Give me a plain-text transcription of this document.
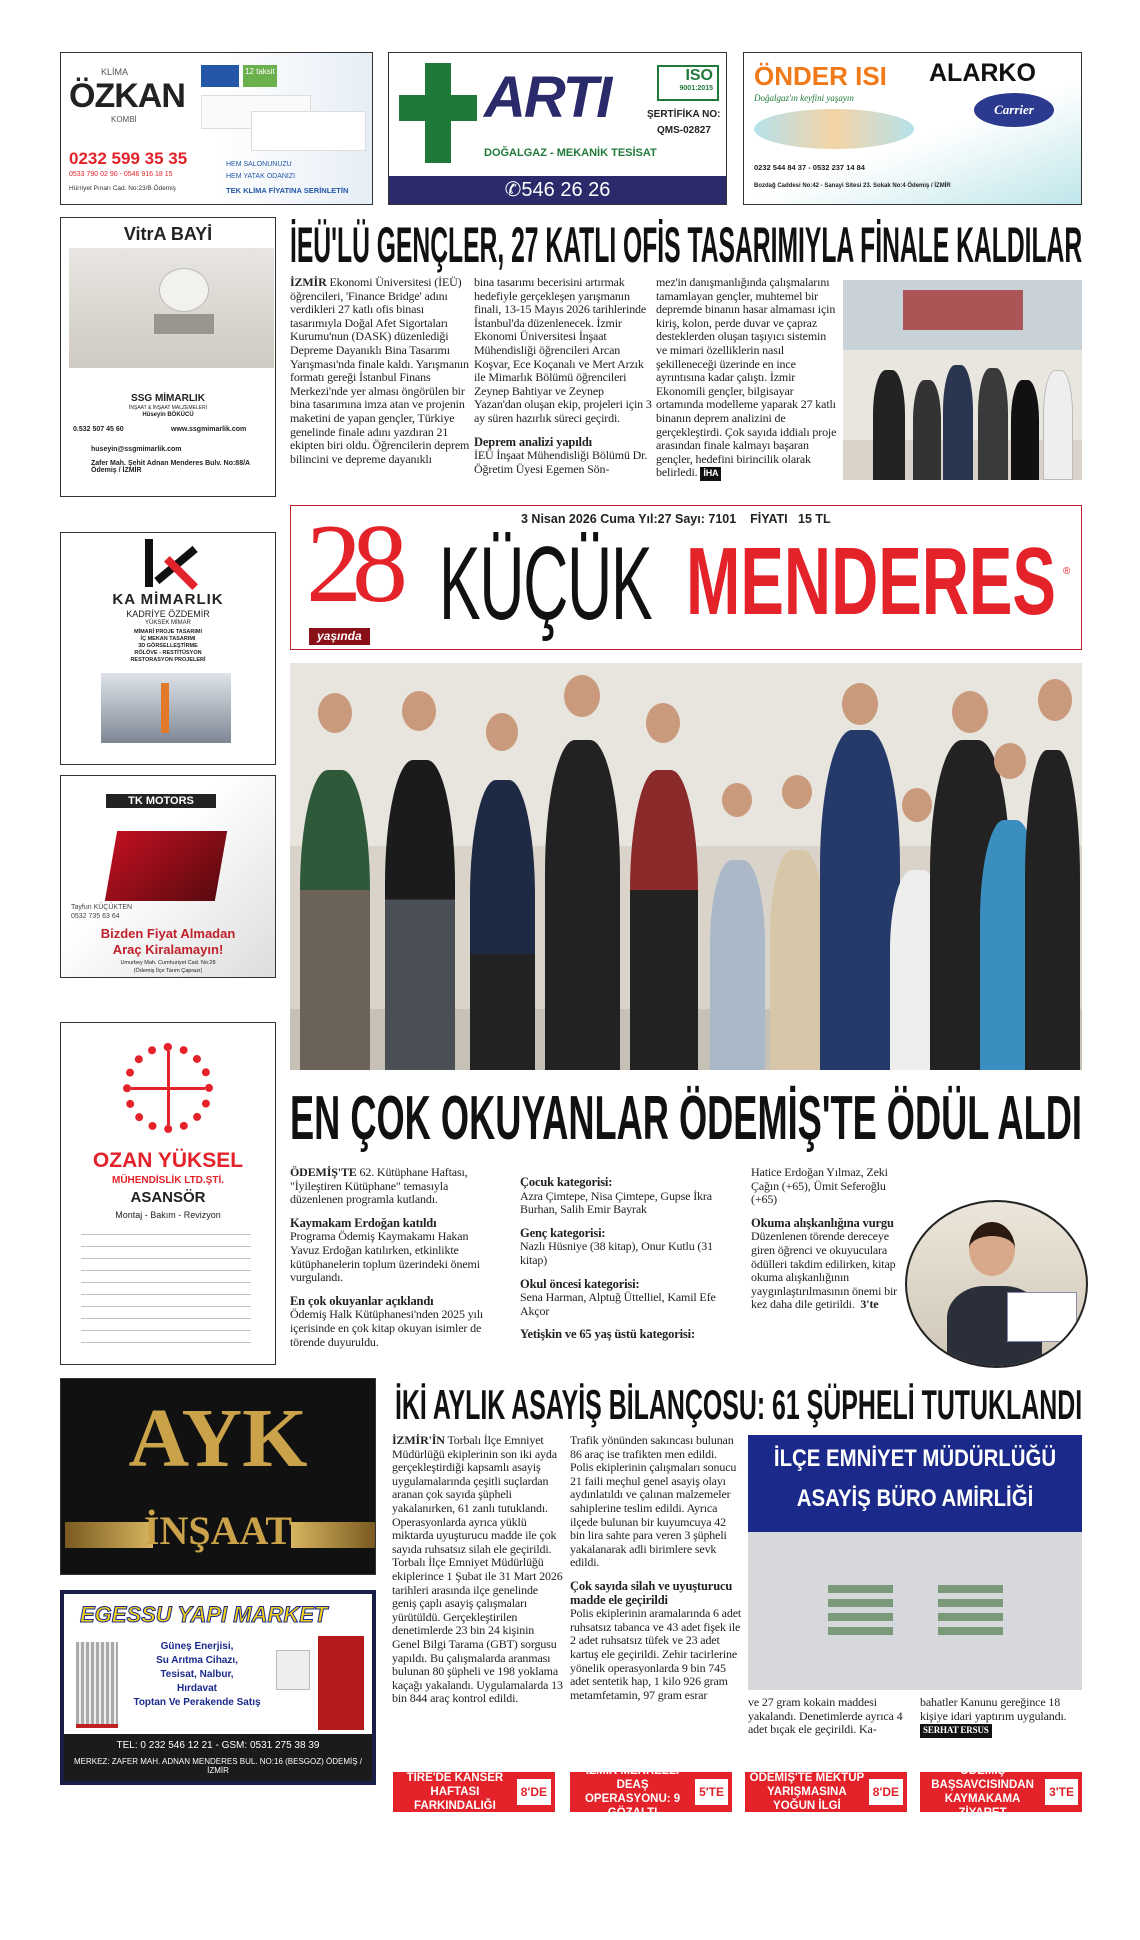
KLİMA
ÖZKAN
KOMBİ
12 taksit
0232 599 35 35
0533 790 02 90 - 0546 916 18 15
Hürriyet Pınarı Cad. No:23/B Ödemiş
HEM SALONUNUZU
HEM YATAK ODANIZI
TEK KLİMA FİYATINA SERİNLETİN
ARTI
DOĞALGAZ - MEKANİK TESİSAT
ISO
9001:2015
ŞERTİFİKA NO:
QMS-02827
✆546 26 26
ÖNDER ISI
Doğalgaz'ın keyfini yaşayın
ALARKO
Carrier
0232 544 84 37 - 0532 237 14 84
Bozdağ Caddesi No:42 - Sanayi Sitesi 23. Sokak No:4 Ödemiş / İZMİR
VitrA BAYİ
SSG MİMARLIK
İNŞAAT & İNŞAAT MALZEMELERİ
Hüseyin BÖKÜCÜ
0.532 507 45 60	www.ssgmimarlik.com
huseyin@ssgmimarlik.com
Zafer Mah. Şehit Adnan Menderes Bulv. No:88/A Ödemiş / İZMİR
KA MİMARLIK
KADRİYE ÖZDEMİR
YÜKSEK MİMAR
MİMARİ PROJE TASARIMI
İÇ MEKAN TASARIMI
3D GÖRSELLEŞTİRME
RÖLÖVE - RESTİTÜSYON
RESTORASYON PROJELERİ
TK MOTORS
Tayfun KÜÇÜKTEN
0532 735 63 64
Bizden Fiyat Almadan
Araç Kiralamayın!
Umurbey Mah. Cumhuriyet Cad. No:28
(Ödemiş İlçe Tarım Çaprazı)
OZAN YÜKSEL
MÜHENDİSLİK LTD.ŞTİ.
ASANSÖR
Montaj - Bakım - Revizyon
İEÜ'LÜ GENÇLER, 27 KATLI OFİS TASARIMIYLA FİNALE KALDILAR
İZMİR Ekonomi Üniversitesi (İEÜ) öğrencileri, 'Finance Bridge' adını verdikleri 27 katlı ofis binası tasarımıyla Doğal Afet Sigortaları Kurumu'nun (DASK) düzenlediği Depreme Dayanıklı Bina Tasarımı Yarışması'nda finale kaldı. Yarışmanın formatı gereği İstanbul Finans Merkezi'nde yer alması öngörülen bir bina tasarımına imza atan ve projenin maketini de yapan gençler, Türkiye genelinde finale adını yazdıran 21 ekipten biri oldu. Öğrencilerin deprem bilincini ve depreme dayanıklı
bina tasarımı becerisini artırmak hedefiyle gerçekleşen yarışmanın finali, 13-15 Mayıs 2026 tarihlerinde İstanbul'da düzenlenecek. İzmir Ekonomi Üniversitesi İnşaat Mühendisliği öğrencileri Arcan Koşvar, Ece Koçanalı ve Mert Arzık ile Mimarlık Bölümü öğrencileri Zeynep Bahtiyar ve Zeynep Yazan'dan oluşan ekip, projeleri için 3 ay süren hazırlık süreci geçirdi.
Deprem analizi yapıldı
İEÜ İnşaat Mühendisliği Bölümü Dr. Öğretim Üyesi Egemen Sön-
mez'in danışmanlığında çalışmalarını tamamlayan gençler, muhtemel bir depremde binanın hasar almaması için kiriş, kolon, perde duvar ve çapraz desteklerden oluşan taşıyıcı sistemin ve mimari özelliklerin nasıl şekilleneceği üzerinde en ince ayrıntısına kadar çalıştı. İzmir Ekonomili gençler, bilgisayar ortamında modelleme yaparak 27 katlı binanın deprem analizini de gerçekleştirdi. Çok sayıda iddialı proje arasından finale kalmayı başaran gençler, hedefini birincilik olarak belirledi. İHA
3 Nisan 2026 Cuma Yıl:27 Sayı: 7101 FİYATI 15 TL
28
yaşında KÜÇÜK MENDERES ®
EN ÇOK OKUYANLAR ÖDEMİŞ'TE ÖDÜL ALDI
ÖDEMİŞ'TE 62. Kütüphane Haftası, "İyileştiren Kütüphane" temasıyla düzenlenen programla kutlandı.
Kaymakam Erdoğan katıldı
Programa Ödemiş Kaymakamı Hakan Yavuz Erdoğan katılırken, etkinlikte kütüphanelerin toplum üzerindeki önemi vurgulandı.
En çok okuyanlar açıklandı
Ödemiş Halk Kütüphanesi'nden 2025 yılı içerisinde en çok kitap okuyan isimler de törende duyuruldu.
Çocuk kategorisi:
Azra Çimtepe, Nisa Çimtepe, Gupse İkra Burhan, Salih Emir Bayrak
Genç kategorisi:
Nazlı Hüsniye (38 kitap), Onur Kutlu (31 kitap)
Okul öncesi kategorisi:
Sena Harman, Alptuğ Üttelliel, Kamil Efe Akçor
Yetişkin ve 65 yaş üstü kategorisi:
Hatice Erdoğan Yılmaz, Zeki Çağın (+65), Ümit Seferoğlu (+65)
Okuma alışkanlığına vurgu
Düzenlenen törende dereceye giren öğrenci ve okuyuculara ödülleri takdim edilirken, kitap okuma alışkanlığının yaygınlaştırılmasının önemi bir kez daha dile getirildi. 3'te
AYK
İNŞAAT
EGESSU YAPI MARKET
Güneş Enerjisi,
Su Arıtma Cihazı,
Tesisat, Nalbur,
Hırdavat
Toptan Ve Perakende Satış
TEL: 0 232 546 12 21 - GSM: 0531 275 38 39
MERKEZ: ZAFER MAH. ADNAN MENDERES BUL. NO:16 (BESGOZ) ÖDEMİŞ /İZMİR
İKİ AYLIK ASAYİŞ BİLANÇOSU: 61 ŞÜPHELİ TUTUKLANDI
İZMİR'İN Torbalı İlçe Emniyet Müdürlüğü ekiplerinin son iki ayda gerçekleştirdiği kapsamlı asayiş uygulamalarında çeşitli suçlardan aranan çok sayıda şüpheli yakalanırken, 61 zanlı tutuklandı. Operasyonlarda ayrıca yüklü miktarda uyuşturucu madde ile çok sayıda ruhsatsız silah ele geçirildi. Torbalı İlçe Emniyet Müdürlüğü ekiplerince 1 Şubat ile 31 Mart 2026 tarihleri arasında ilçe genelinde geniş çaplı asayiş çalışmaları yürütüldü. Gerçekleştirilen denetimlerde 23 bin 24 kişinin Genel Bilgi Tarama (GBT) sorgusu yapıldı. Bu çalışmalarda aranması bulunan 80 şüpheli ve 198 yoklama kaçağı yakalandı. Uygulamalarda 13 bin 844 araç kontrol edildi.
Trafik yönünden sakıncası bulunan 86 araç ise trafikten men edildi. Polis ekiplerinin çalışmaları sonucu 21 faili meçhul genel asayiş olayı aydınlatıldı ve çalınan malzemeler sahiplerine teslim edildi. Ayrıca ilçede bulunan bir kuyumcuya 42 bin lira sahte para veren 3 şüpheli yakalanarak adli birimlere sevk edildi.
Çok sayıda silah ve uyuşturucu madde ele geçirildi
Polis ekiplerinin aramalarında 6 adet ruhsatsız tabanca ve 43 adet fişek ile 2 adet ruhsatsız tüfek ve 23 adet kartuş ele geçirildi. Zehir tacirlerine yönelik operasyonlarda 9 bin 745 adet sentetik hap, 1 kilo 926 gram metamfetamin, 97 gram esrar
İLÇE EMNİYET MÜDÜRLÜĞÜ
ASAYİŞ BÜRO AMİRLİĞİ
ve 27 gram kokain maddesi yakalandı. Denetimlerde ayrıca 4 adet bıçak ele geçirildi. Ka-
bahatler Kanunu gereğince 18 kişiye idari yaptırım uygulandı.
SERHAT ERSUS
TİRE'DE KANSER HAFTASI FARKINDALIĞI
8'DE
İZMİR MERKEZLİ DEAŞ OPERASYONU: 9 GÖZALTI
5'TE
ÖDEMİŞ'TE MEKTUP YARIŞMASINA YOĞUN İLGİ
8'DE
ÖDEMİŞ BAŞSAVCISINDAN KAYMAKAMA ZİYARET
3'TE
